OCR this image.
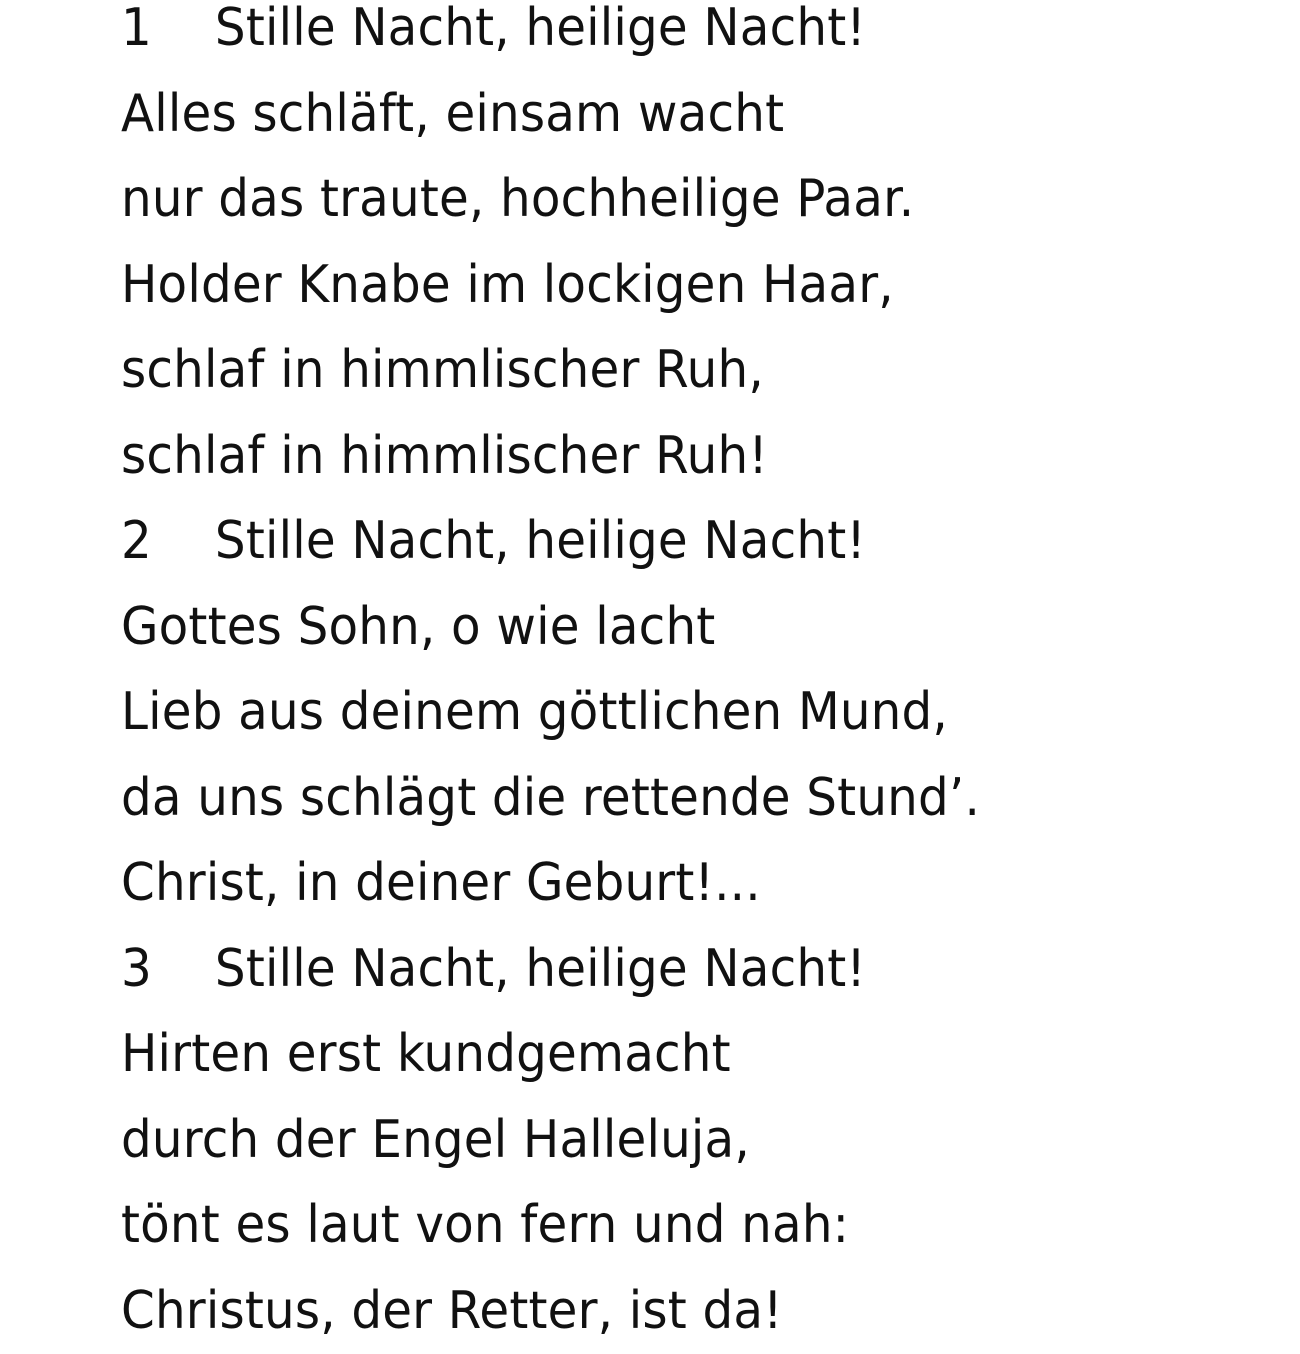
1 Stille Nacht, heilige Nacht!
Alles schläft, einsam wacht
nur das traute, hochheilige Paar.
Holder Knabe im lockigen Haar,
schlaf in himmlischer Ruh,
schlaf in himmlischer Ruh!
2 Stille Nacht, heilige Nacht!
Gottes Sohn, o wie lacht
Lieb aus deinem göttlichen Mund,
da uns schlägt die rettende Stund’.
Christ, in deiner Geburt!...
3 Stille Nacht, heilige Nacht!
Hirten erst kundgemacht
durch der Engel Halleluja,
tönt es laut von fern und nah:
Christus, der Retter, ist da!
